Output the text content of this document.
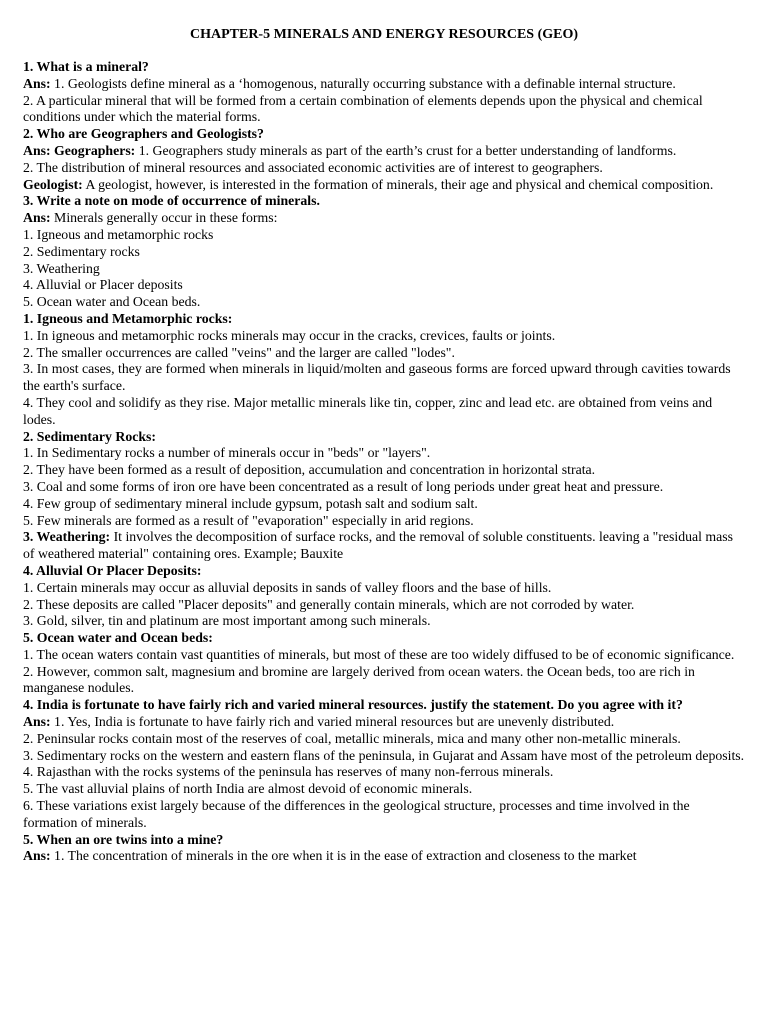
CHAPTER-5 MINERALS AND ENERGY RESOURCES (GEO)

1. What is a mineral?

Ans: 1. Geologists define mineral as a ‘homogenous, naturally occurring substance with a definable internal structure.

2. A particular mineral that will be formed from a certain combination of elements depends upon the physical and chemical conditions under which the material forms.

2. Who are Geographers and Geologists?

Ans: Geographers: 1. Geographers study minerals as part of the earth’s crust for a better understanding of landforms.

2. The distribution of mineral resources and associated economic activities are of interest to geographers.

Geologist: A geologist, however, is interested in the formation of minerals, their age and physical and chemical composition.

3. Write a note on mode of occurrence of minerals.

Ans: Minerals generally occur in these forms:

1. Igneous and metamorphic rocks

2. Sedimentary rocks

3. Weathering

4. Alluvial or Placer deposits

5. Ocean water and Ocean beds.

1. Igneous and Metamorphic rocks:

1. In igneous and metamorphic rocks minerals may occur in the cracks, crevices, faults or joints.

2. The smaller occurrences are called "veins" and the larger are called "lodes".

3. In most cases, they are formed when minerals in liquid/molten and gaseous forms are forced upward through cavities towards the earth's surface.

4. They cool and solidify as they rise. Major metallic minerals like tin, copper, zinc and lead etc. are obtained from veins and lodes.

2. Sedimentary Rocks:

1. In Sedimentary rocks a number of minerals occur in "beds" or "layers".

2. They have been formed as a result of deposition, accumulation and concentration in horizontal strata.

3. Coal and some forms of iron ore have been concentrated as a result of long periods under great heat and pressure.

4. Few group of sedimentary mineral include gypsum, potash salt and sodium salt.

5. Few minerals are formed as a result of "evaporation" especially in arid regions.

3. Weathering: It involves the decomposition of surface rocks, and the removal of soluble constituents. leaving a "residual mass of weathered material" containing ores. Example; Bauxite

4. Alluvial Or Placer Deposits:

1. Certain minerals may occur as alluvial deposits in sands of valley floors and the base of hills.

2. These deposits are called "Placer deposits" and generally contain minerals, which are not corroded by water.

3. Gold, silver, tin and platinum are most important among such minerals.

5. Ocean water and Ocean beds:

1. The ocean waters contain vast quantities of minerals, but most of these are too widely diffused to be of economic significance.

2. However, common salt, magnesium and bromine are largely derived from ocean waters. the Ocean beds, too are rich in manganese nodules.

4. India is fortunate to have fairly rich and varied mineral resources. justify the statement. Do you agree with it?

Ans: 1. Yes, India is fortunate to have fairly rich and varied mineral resources but are unevenly distributed.

2. Peninsular rocks contain most of the reserves of coal, metallic minerals, mica and many other non-metallic minerals.

3. Sedimentary rocks on the western and eastern flans of the peninsula, in Gujarat and Assam have most of the petroleum deposits.

4. Rajasthan with the rocks systems of the peninsula has reserves of many non-ferrous minerals.

5. The vast alluvial plains of north India are almost devoid of economic minerals.

6. These variations exist largely because of the differences in the geological structure, processes and time involved in the formation of minerals.

5. When an ore twins into a mine?

Ans: 1. The concentration of minerals in the ore when it is in the ease of extraction and closeness to the market
